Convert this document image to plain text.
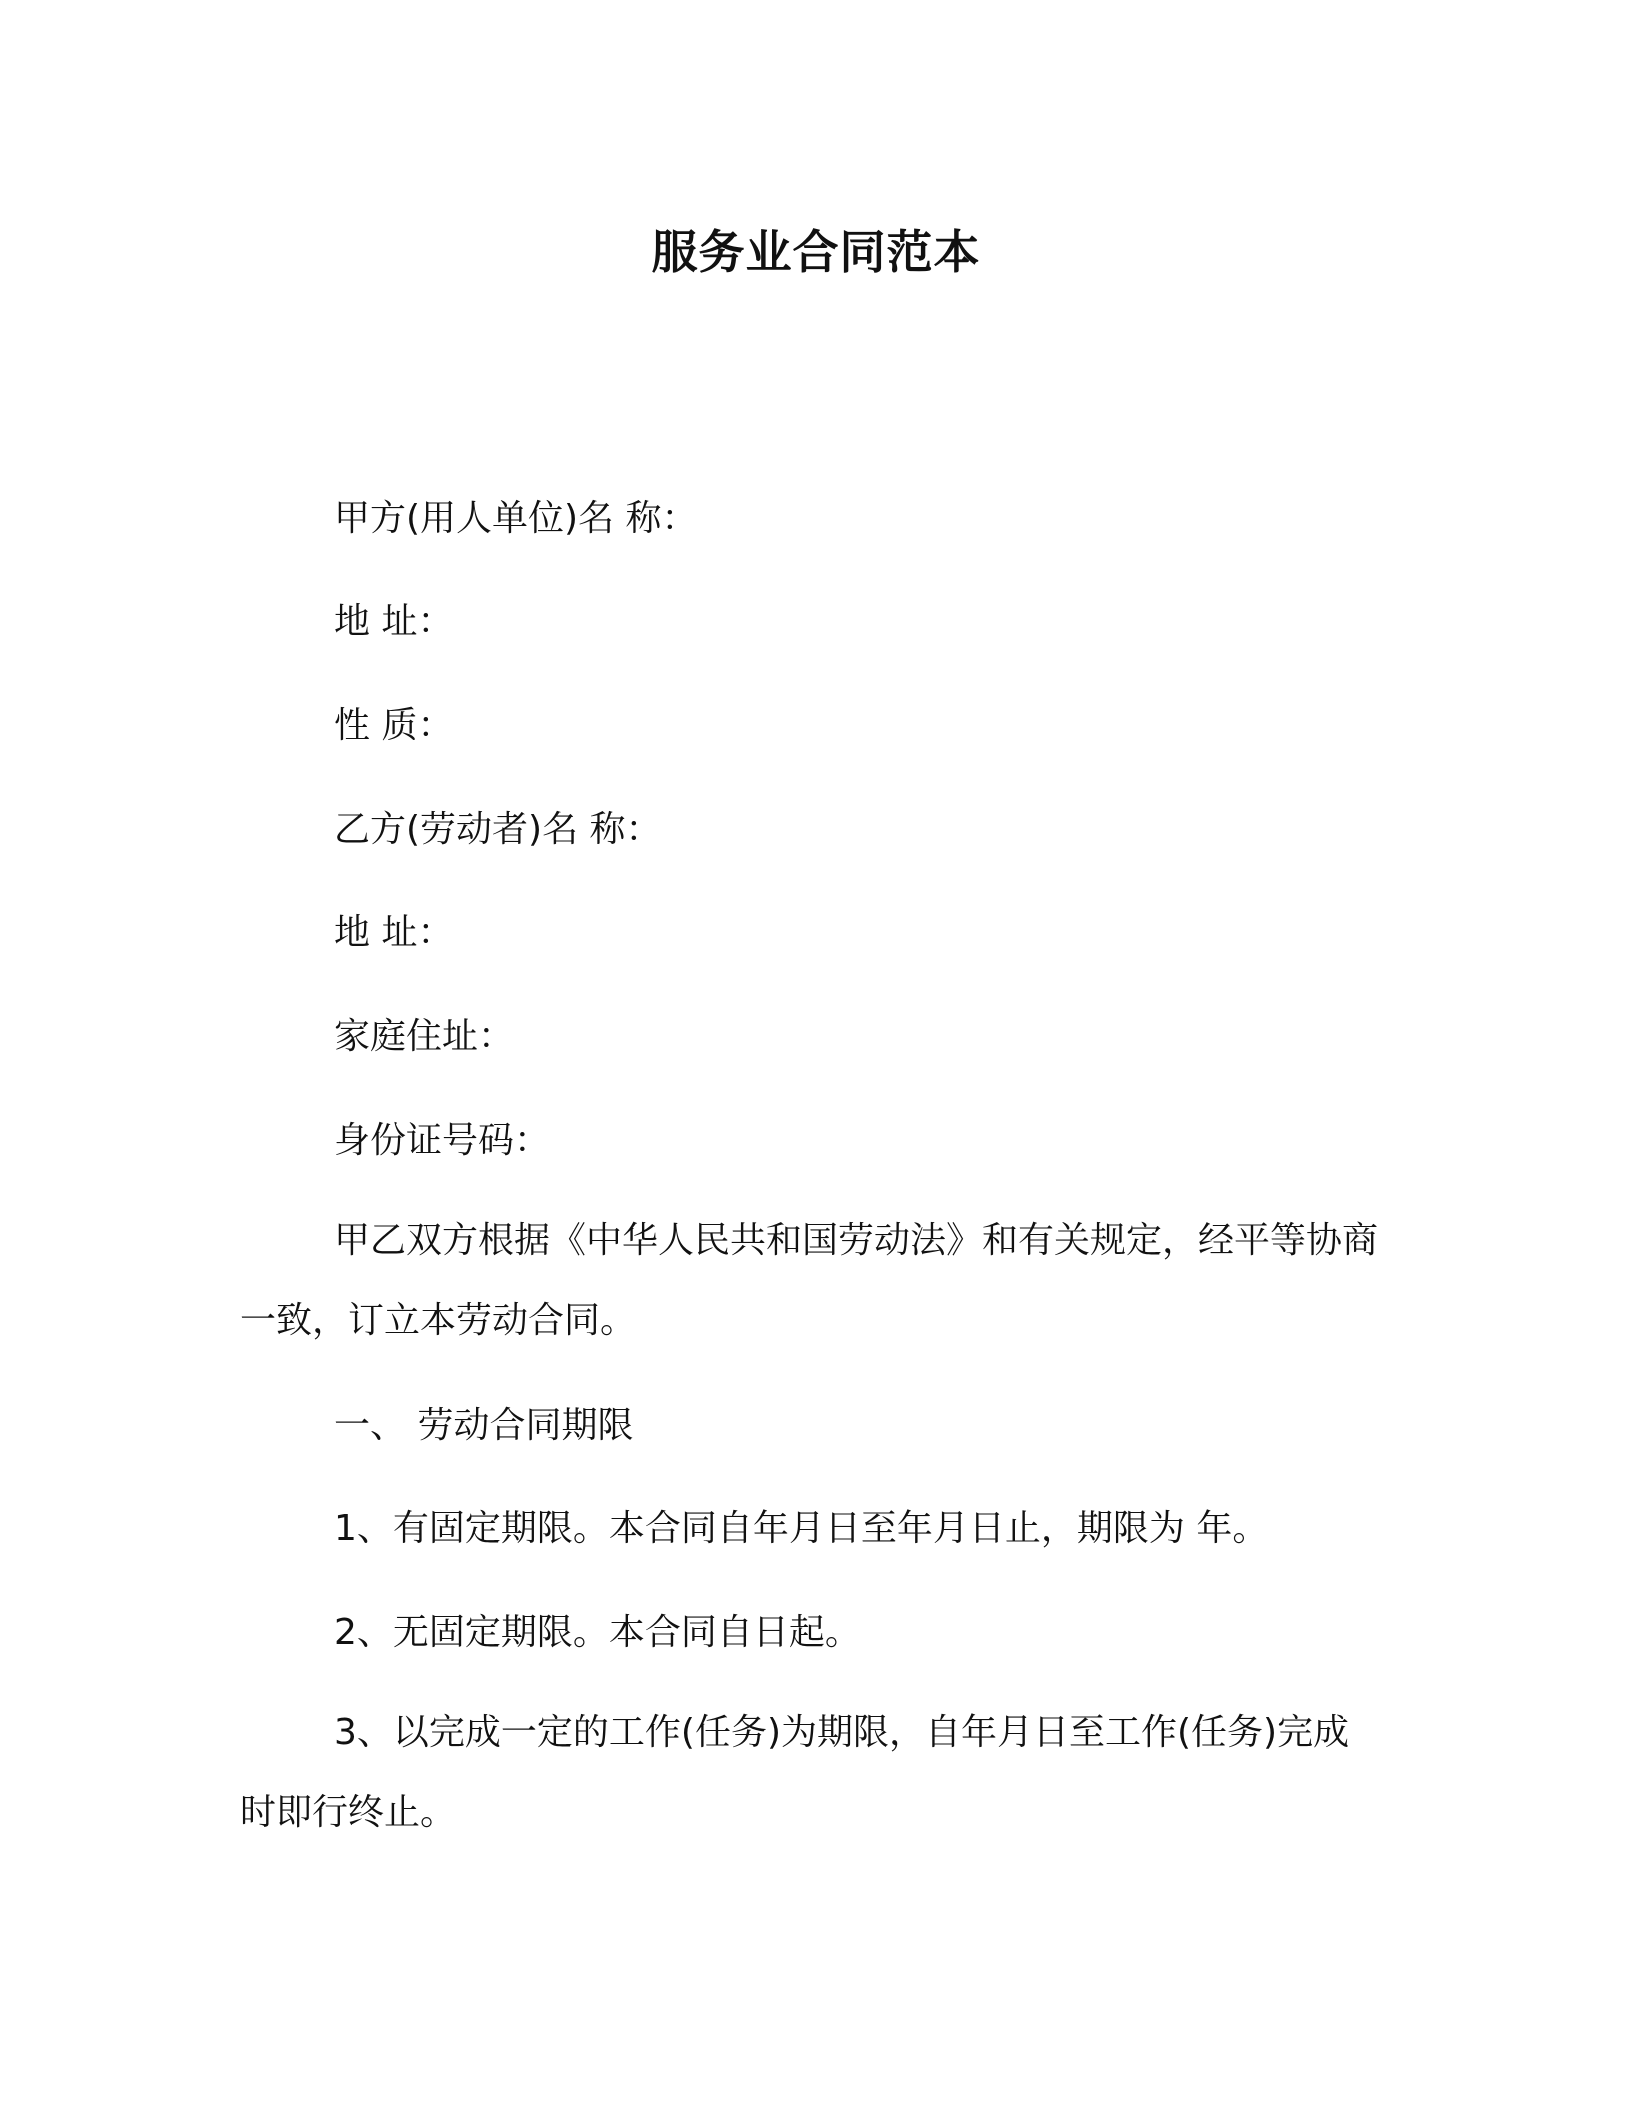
服务业合同范本
甲方(用人单位)名 称：
地 址：
性 质：
乙方(劳动者)名 称：
地 址：
家庭住址：
身份证号码：

甲乙双方根据《中华人民共和国劳动法》和有关规定，经平等协商一致，订立本劳动合同。

一、 劳动合同期限
1、有固定期限。本合同自年月日至年月日止，期限为 年。
2、无固定期限。本合同自日起。

3、以完成一定的工作(任务)为期限，自年月日至工作(任务)完成时即行终止。
